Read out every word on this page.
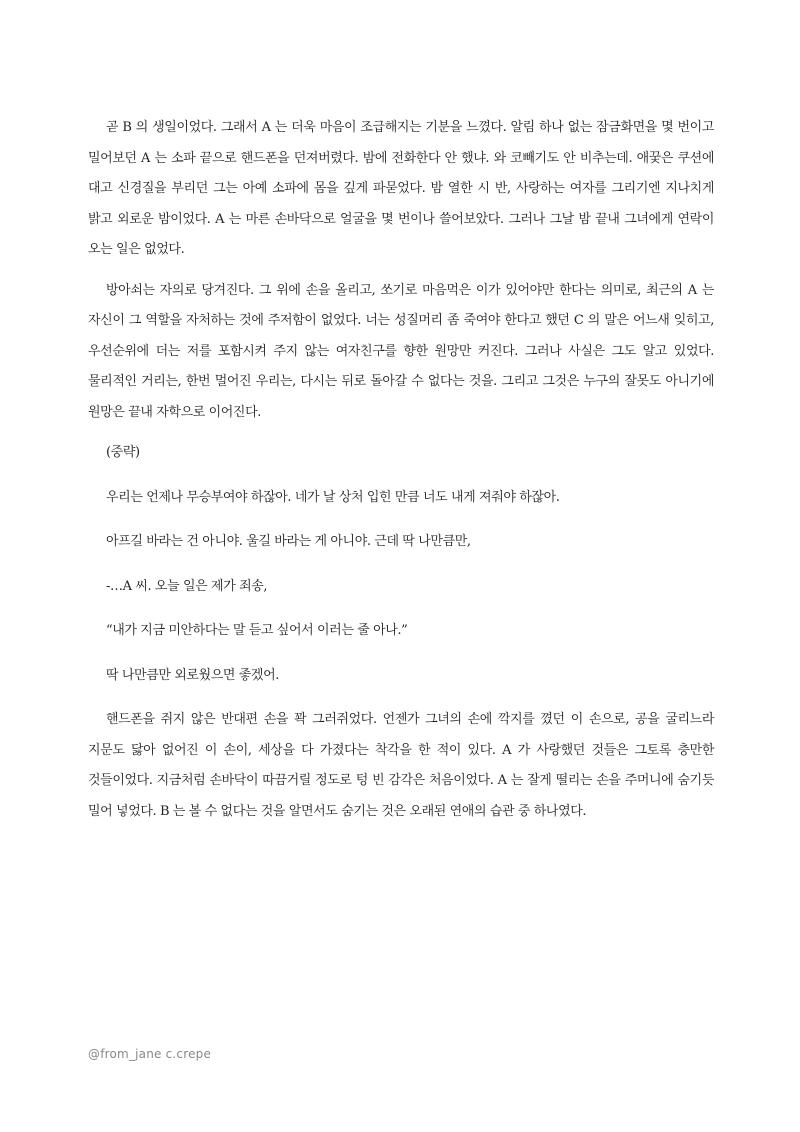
곧 B 의 생일이었다. 그래서 A 는 더욱 마음이 조급해지는 기분을 느꼈다. 알림 하나 없는 잠금화면을 몇 번이고 밀어보던 A 는 소파 끝으로 핸드폰을 던져버렸다. 밤에 전화한다 안 했냐. 와 코빼기도 안 비추는데. 애꿎은 쿠션에 대고 신경질을 부리던 그는 아예 소파에 몸을 깊게 파묻었다. 밤 열한 시 반, 사랑하는 여자를 그리기엔 지나치게 밝고 외로운 밤이었다. A 는 마른 손바닥으로 얼굴을 몇 번이나 쓸어보았다. 그러나 그날 밤 끝내 그녀에게 연락이 오는 일은 없었다.

방아쇠는 자의로 당겨진다. 그 위에 손을 올리고, 쏘기로 마음먹은 이가 있어야만 한다는 의미로, 최근의 A 는 자신이 그 역할을 자처하는 것에 주저함이 없었다. 너는 성질머리 좀 죽여야 한다고 했던 C 의 말은 어느새 잊히고, 우선순위에 더는 저를 포함시켜 주지 않는 여자친구를 향한 원망만 커진다. 그러나 사실은 그도 알고 있었다. 물리적인 거리는, 한번 멀어진 우리는, 다시는 뒤로 돌아갈 수 없다는 것을. 그리고 그것은 누구의 잘못도 아니기에 원망은 끝내 자학으로 이어진다.

(중략)

우리는 언제나 무승부여야 하잖아. 네가 날 상처 입힌 만큼 너도 내게 져줘야 하잖아.

아프길 바라는 건 아니야. 울길 바라는 게 아니야. 근데 딱 나만큼만,

-…A 씨. 오늘 일은 제가 죄송,

“내가 지금 미안하다는 말 듣고 싶어서 이러는 줄 아나.”

딱 나만큼만 외로웠으면 좋겠어.

핸드폰을 쥐지 않은 반대편 손을 꽉 그러쥐었다. 언젠가 그녀의 손에 깍지를 꼈던 이 손으로, 공을 굴리느라 지문도 닳아 없어진 이 손이, 세상을 다 가졌다는 착각을 한 적이 있다. A 가 사랑했던 것들은 그토록 충만한 것들이었다. 지금처럼 손바닥이 따끔거릴 정도로 텅 빈 감각은 처음이었다. A 는 잘게 떨리는 손을 주머니에 숨기듯 밀어 넣었다. B 는 볼 수 없다는 것을 알면서도 숨기는 것은 오래된 연애의 습관 중 하나였다.

@from_jane c.crepe
